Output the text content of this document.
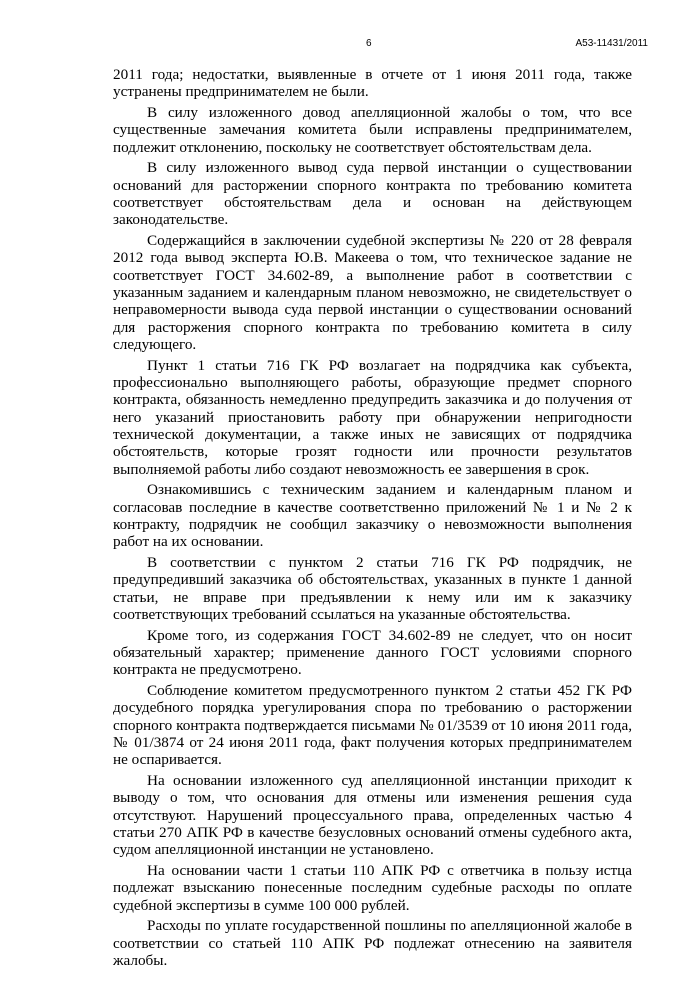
6	А53-11431/2011

2011 года; недостатки, выявленные в отчете от 1 июня 2011 года, также устранены предпринимателем не были.

В силу изложенного довод апелляционной жалобы о том, что все существенные замечания комитета были исправлены предпринимателем, подлежит отклонению, поскольку не соответствует обстоятельствам дела.

В силу изложенного вывод суда первой инстанции о существовании оснований для расторжении спорного контракта по требованию комитета соответствует обстоятельствам дела и основан на действующем законодательстве.

Содержащийся в заключении судебной экспертизы № 220 от 28 февраля 2012 года вывод эксперта Ю.В. Макеева о том, что техническое задание не соответствует ГОСТ 34.602-89, а выполнение работ в соответствии с указанным заданием и календарным планом невозможно, не свидетельствует о неправомерности вывода суда первой инстанции о существовании оснований для расторжения спорного контракта по требованию комитета в силу следующего.

Пункт 1 статьи 716 ГК РФ возлагает на подрядчика как субъекта, профессионально выполняющего работы, образующие предмет спорного контракта, обязанность немедленно предупредить заказчика и до получения от него указаний приостановить работу при обнаружении непригодности технической документации, а также иных не зависящих от подрядчика обстоятельств, которые грозят годности или прочности результатов выполняемой работы либо создают невозможность ее завершения в срок.

Ознакомившись с техническим заданием и календарным планом и согласовав последние в качестве соответственно приложений № 1 и № 2 к контракту, подрядчик не сообщил заказчику о невозможности выполнения работ на их основании.

В соответствии с пунктом 2 статьи 716 ГК РФ подрядчик, не предупредивший заказчика об обстоятельствах, указанных в пункте 1 данной статьи, не вправе при предъявлении к нему или им к заказчику соответствующих требований ссылаться на указанные обстоятельства.

Кроме того, из содержания ГОСТ 34.602-89 не следует, что он носит обязательный характер; применение данного ГОСТ условиями спорного контракта не предусмотрено.

Соблюдение комитетом предусмотренного пунктом 2 статьи 452 ГК РФ досудебного порядка урегулирования спора по требованию о расторжении спорного контракта подтверждается письмами № 01/3539 от 10 июня 2011 года, № 01/3874 от 24 июня 2011 года, факт получения которых предпринимателем не оспаривается.

На основании изложенного суд апелляционной инстанции приходит к выводу о том, что основания для отмены или изменения решения суда отсутствуют. Нарушений процессуального права, определенных частью 4 статьи 270 АПК РФ в качестве безусловных оснований отмены судебного акта, судом апелляционной инстанции не установлено.

На основании части 1 статьи 110 АПК РФ с ответчика в пользу истца подлежат взысканию понесенные последним судебные расходы по оплате судебной экспертизы в сумме 100 000 рублей.

Расходы по уплате государственной пошлины по апелляционной жалобе в соответствии со статьей 110 АПК РФ подлежат отнесению на заявителя жалобы.
